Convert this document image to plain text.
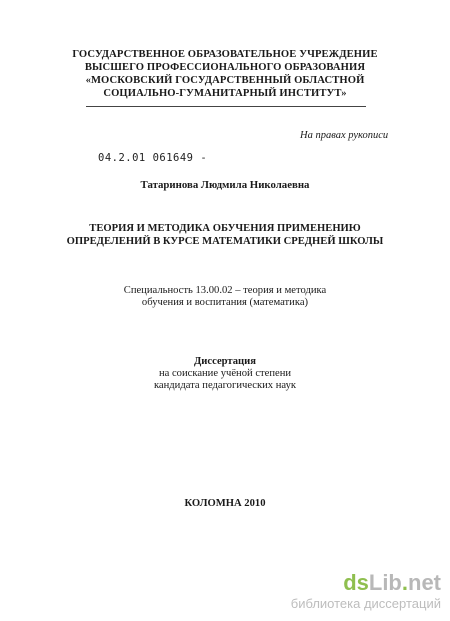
ГОСУДАРСТВЕННОЕ ОБРАЗОВАТЕЛЬНОЕ УЧРЕЖДЕНИЕ
ВЫСШЕГО ПРОФЕССИОНАЛЬНОГО ОБРАЗОВАНИЯ
«МОСКОВСКИЙ ГОСУДАРСТВЕННЫЙ ОБЛАСТНОЙ
СОЦИАЛЬНО-ГУМАНИТАРНЫЙ ИНСТИТУТ»
На правах рукописи
04.2.01 061649 -
Татаринова Людмила Николаевна
ТЕОРИЯ И МЕТОДИКА ОБУЧЕНИЯ ПРИМЕНЕНИЮ
ОПРЕДЕЛЕНИЙ В КУРСЕ МАТЕМАТИКИ СРЕДНЕЙ ШКОЛЫ
Специальность 13.00.02 – теория и методика
обучения и воспитания (математика)
Диссертация
на соискание учёной степени
кандидата педагогических наук
КОЛОМНА 2010
dsLib.net
библиотека диссертаций
